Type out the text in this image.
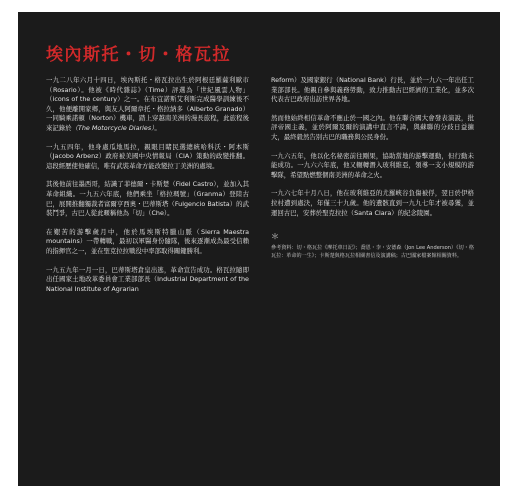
埃內斯托・切・格瓦拉

一九二八年六月十四日，埃內斯托・格瓦拉出生於阿根廷羅薩利歐市（Rosario）。他被《時代雜誌》（Time）評選為「世紀風雲人物」（icons of the century）之一。在布宜諾斯艾利斯完成醫學訓練後不久，他便離開家鄉，與友人阿爾韋托・格拉納多（Alberto Granado）一同騎乘諾頓（Norton）機車，踏上穿越南美洲的漫長旅程，此旅程後來記錄於（The Motorcycle Diaries）。

一九五四年，他身處瓜地馬拉，親眼目睹民選總統哈科沃・阿本斯（Jacobo Arbenz）政府被美國中央情報局（CIA）策動的政變推翻。這段經歷使他確信，唯有武裝革命方能改變拉丁美洲的處境。

其後他前往墨西哥，結識了菲德爾・卡斯楚（Fidel Castro），並加入其革命組織。一九五六年底，他們乘坐「格拉瑪號」（Granma）登陸古巴，展開推翻獨裁者富爾亨西奧・巴蒂斯塔（Fulgencio Batista）的武裝鬥爭，古巴人從此暱稱他為「切」（Che）。

在艱苦的游擊歲月中，他於馬埃斯特臘山脈（Sierra Maestra mountains）一帶轉戰，最初以軍醫身份隨隊，後來逐漸成為最受信賴的指揮官之一，並在聖克拉拉戰役中率部取得關鍵勝利。

一九五九年一月一日，巴蒂斯塔倉皇出逃，革命宣告成功。格瓦拉隨即出任國家土地改革委員會工業部部長（Industrial Department of the National Institute of Agrarian

Reform）及國家銀行（National Bank）行長，並於一九六一年出任工業部部長。他親自參與義務勞動，致力推動古巴經濟的工業化，並多次代表古巴政府出訪世界各地。

然而他始終相信革命不應止於一國之內。他在聯合國大會發表演說，批評帝國主義，並於阿爾及爾的演講中直言不諱，與蘇聯的分歧日益擴大，最終毅然告別古巴的職務與公民身份。

一九六五年，他以化名秘密前往剛果，協助當地的游擊運動，但行動未能成功。一九六六年底，他又輾轉潛入玻利維亞，領導一支小規模的游擊隊，希望點燃整個南美洲的革命之火。

一九六七年十月八日，他在玻利維亞的尤羅峽谷負傷被俘，翌日於伊格拉村遭到處決，年僅三十九歲。他的遺骸直到一九九七年才被尋獲，並運回古巴，安葬於聖克拉拉（Santa Clara）的紀念陵園。

＊
參考資料：切・格瓦拉《摩托車日記》；喬恩・李・安德森（Jon Lee Anderson）《切・格瓦拉：革命的一生》；卡斯楚與格瓦拉相關書信及演講稿；古巴國家檔案館相關資料。
